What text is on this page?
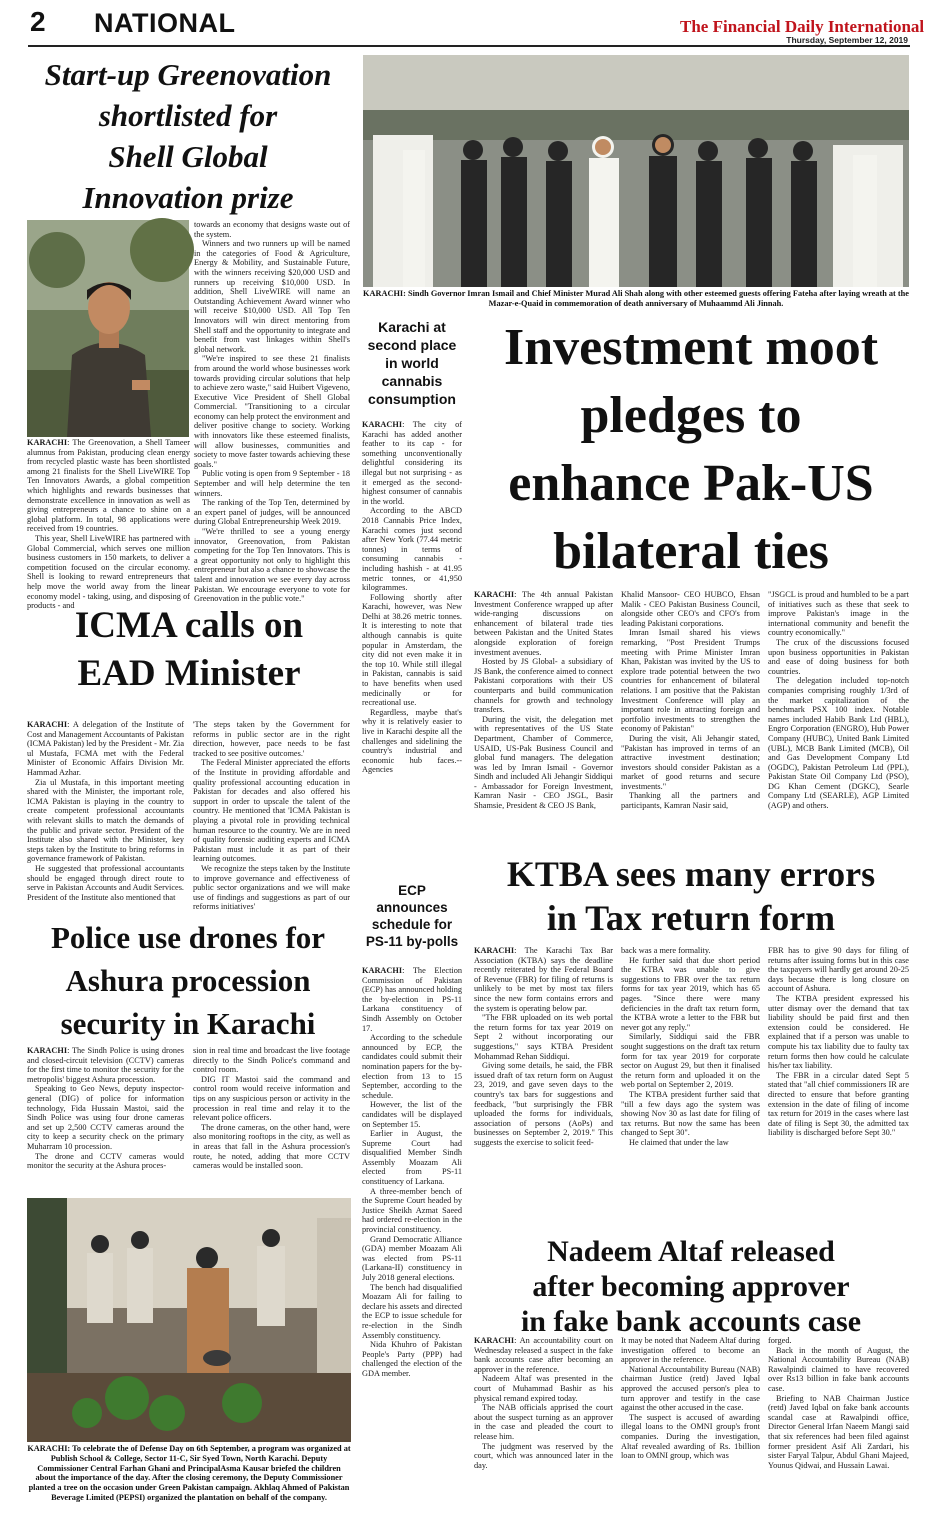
2 NATIONAL	The Financial Daily International
Thursday, September 12, 2019
Start-up Greenovation
shortlisted for
Shell Global
Innovation prize

KARACHI: The Greenovation, a Shell Tameer alumnus from Pakistan, producing clean energy from recycled plastic waste has been shortlisted among 21 finalists for the Shell LiveWIRE Top Ten Innovators Awards, a global competition which highlights and rewards businesses that demonstrate excellence in innovation as well as giving entrepreneurs a chance to shine on a global platform. In total, 98 applications were received from 19 countries.

This year, Shell LiveWIRE has partnered with Global Commercial, which serves one million business customers in 150 markets, to deliver a competition focused on the circular economy. Shell is looking to reward entrepreneurs that help move the world away from the linear economy model - taking, using, and disposing of products - and

towards an economy that designs waste out of the system.

Winners and two runners up will be named in the categories of Food & Agriculture, Energy & Mobility, and Sustainable Future, with the winners receiving $20,000 USD and runners up receiving $10,000 USD. In addition, Shell LiveWIRE will name an Outstanding Achievement Award winner who will receive $10,000 USD. All Top Ten Innovators will win direct mentoring from Shell staff and the opportunity to integrate and benefit from vast linkages within Shell's global network.

"We're inspired to see these 21 finalists from around the world whose businesses work towards providing circular solutions that help to achieve zero waste," said Huibert Vigeveno, Executive Vice President of Shell Global Commercial. "Transitioning to a circular economy can help protect the environment and deliver positive change to society. Working with innovators like these esteemed finalists, will allow businesses, communities and society to move faster towards achieving these goals."

Public voting is open from 9 September - 18 September and will help determine the ten winners.

The ranking of the Top Ten, determined by an expert panel of judges, will be announced during Global Entrepreneurship Week 2019.

"We're thrilled to see a young energy innovator, Greenovation, from Pakistan competing for the Top Ten Innovators. This is a great opportunity not only to highlight this entrepreneur but also a chance to showcase the talent and innovation we see every day across Pakistan. We encourage everyone to vote for Greenovation in the public vote."

KARACHI: Sindh Governor Imran Ismail and Chief Minister Murad Ali Shah along with other esteemed guests offering Fateha after laying wreath at the Mazar-e-Quaid in commemoration of death anniversary of Muhaammd Ali Jinnah.
Karachi at
second place
in world
cannabis
consumption

KARACHI: The city of Karachi has added another feather to its cap - for something unconventionally delightful considering its illegal but not surprising - as it emerged as the second-highest consumer of cannabis in the world.

According to the ABCD 2018 Cannabis Price Index, Karachi comes just second after New York (77.44 metric tonnes) in terms of consuming cannabis - including hashish - at 41.95 metric tonnes, or 41,950 kilogrammes.

Following shortly after Karachi, however, was New Delhi at 38.26 metric tonnes. It is interesting to note that although cannabis is quite popular in Amsterdam, the city did not even make it in the top 10. While still illegal in Pakistan, cannabis is said to have benefits when used medicinally or for recreational use.

Regardless, maybe that's why it is relatively easier to live in Karachi despite all the challenges and sidelining the country's industrial and economic hub faces.-- Agencies

Investment moot
pledges to
enhance Pak-US
bilateral ties

KARACHI: The 4th annual Pakistan Investment Conference wrapped up after wide-ranging discussions on enhancement of bilateral trade ties between Pakistan and the United States alongside exploration of foreign investment avenues.

Hosted by JS Global- a subsidiary of JS Bank, the conference aimed to connect Pakistani corporations with their US counterparts and build communication channels for growth and technology transfers.

During the visit, the delegation met with representatives of the US State Department, Chamber of Commerce, USAID, US-Pak Business Council and global fund managers. The delegation was led by Imran Ismail - Governor Sindh and included Ali Jehangir Siddiqui - Ambassador for Foreign Investment, Kamran Nasir - CEO JSGL, Basir Shamsie, President & CEO JS Bank,

Khalid Mansoor- CEO HUBCO, Ehsan Malik - CEO Pakistan Business Council, alongside other CEO's and CFO's from leading Pakistani corporations.

Imran Ismail shared his views remarking, "Post President Trumps meeting with Prime Minister Imran Khan, Pakistan was invited by the US to explore trade potential between the two countries for enhancement of bilateral relations. I am positive that the Pakistan Investment Conference will play an important role in attracting foreign and portfolio investments to strengthen the economy of Pakistan"

During the visit, Ali Jehangir stated, "Pakistan has improved in terms of an attractive investment destination; investors should consider Pakistan as a market of good returns and secure investments."

Thanking all the partners and participants, Kamran Nasir said,

"JSGCL is proud and humbled to be a part of initiatives such as these that seek to improve Pakistan's image in the international community and benefit the country economically."

The crux of the discussions focused upon business opportunities in Pakistan and ease of doing business for both countries.

The delegation included top-notch companies comprising roughly 1/3rd of the market capitalization of the benchmark PSX 100 index. Notable names included Habib Bank Ltd (HBL), Engro Corporation (ENGRO), Hub Power Company (HUBC), United Bank Limited (UBL), MCB Bank Limited (MCB), Oil and Gas Development Company Ltd (OGDC), Pakistan Petroleum Ltd (PPL), Pakistan State Oil Company Ltd (PSO), DG Khan Cement (DGKC), Searle Company Ltd (SEARLE), AGP Limited (AGP) and others.

ICMA calls on
EAD Minister

KARACHI: A delegation of the Institute of Cost and Management Accountants of Pakistan (ICMA Pakistan) led by the President - Mr. Zia ul Mustafa, FCMA met with the Federal Minister of Economic Affairs Division Mr. Hammad Azhar.

Zia ul Mustafa, in this important meeting shared with the Minister, the important role, ICMA Pakistan is playing in the country to create competent professional accountants with relevant skills to match the demands of the public and private sector. President of the Institute also shared with the Minister, key steps taken by the Institute to bring reforms in governance framework of Pakistan.

He suggested that professional accountants should be engaged through direct route to serve in Pakistan Accounts and Audit Services. President of the Institute also mentioned that

'The steps taken by the Government for reforms in public sector are in the right direction, however, pace needs to be fast tracked to see positive outcomes.'

The Federal Minister appreciated the efforts of the Institute in providing affordable and quality professional accounting education in Pakistan for decades and also offered his support in order to upscale the talent of the country. He mentioned that 'ICMA Pakistan is playing a pivotal role in providing technical human resource to the country. We are in need of quality forensic auditing experts and ICMA Pakistan must include it as part of their learning outcomes.

We recognize the steps taken by the Institute to improve governance and effectiveness of public sector organizations and we will make use of findings and suggestions as part of our reforms initiatives'

ECP
announces
schedule for
PS-11 by-polls

KARACHI: The Election Commission of Pakistan (ECP) has announced holding the by-election in PS-11 Larkana constituency of Sindh Assembly on October 17.

According to the schedule announced by ECP, the candidates could submit their nomination papers for the by-election from 13 to 15 September, according to the schedule.

However, the list of the candidates will be displayed on September 15.

Earlier in August, the Supreme Court had disqualified Member Sindh Assembly Moazam Ali elected from PS-11 constituency of Larkana.

A three-member bench of the Supreme Court headed by Justice Sheikh Azmat Saeed had ordered re-election in the provincial constituency.

Grand Democratic Alliance (GDA) member Moazam Ali was elected from PS-11 (Larkana-II) constituency in July 2018 general elections.

The bench had disqualified Moazam Ali for failing to declare his assets and directed the ECP to issue schedule for re-election in the Sindh Assembly constituency.

Nida Khuhro of Pakistan People's Party (PPP) had challenged the election of the GDA member.

KTBA sees many errors
in Tax return form

KARACHI: The Karachi Tax Bar Association (KTBA) says the deadline recently reiterated by the Federal Board of Revenue (FBR) for filing of returns is unlikely to be met by most tax filers since the new form contains errors and the system is operating below par.

"The FBR uploaded on its web portal the return forms for tax year 2019 on Sept 2 without incorporating our suggestions," says KTBA President Mohammad Rehan Siddiqui.

Giving some details, he said, the FBR issued draft of tax return form on August 23, 2019, and gave seven days to the country's tax bars for suggestions and feedback, "but surprisingly the FBR uploaded the forms for individuals, association of persons (AoPs) and businesses on September 2, 2019." This suggests the exercise to solicit feed-

back was a mere formality.

He further said that due short period the KTBA was unable to give suggestions to FBR over the tax return forms for tax year 2019, which has 65 pages. "Since there were many deficiencies in the draft tax return form, the KTBA wrote a letter to the FBR but never got any reply."

Similarly, Siddiqui said the FBR sought suggestions on the draft tax return form for tax year 2019 for corporate sector on August 29, but then it finalised the return form and uploaded it on the web portal on September 2, 2019.

The KTBA president further said that "till a few days ago the system was showing Nov 30 as last date for filing of tax returns. But now the same has been changed to Sept 30".

He claimed that under the law

FBR has to give 90 days for filing of returns after issuing forms but in this case the taxpayers will hardly get around 20-25 days because there is long closure on account of Ashura.

The KTBA president expressed his utter dismay over the demand that tax liability should be paid first and then extension could be considered. He explained that if a person was unable to compute his tax liability due to faulty tax return forms then how could he calculate his/her tax liability.

The FBR in a circular dated Sept 5 stated that "all chief commissioners IR are directed to ensure that before granting extension in the date of filing of income tax return for 2019 in the cases where last date of filing is Sept 30, the admitted tax liability is discharged before Sept 30."

Police use drones for
Ashura procession
security in Karachi

KARACHI: The Sindh Police is using drones and closed-circuit television (CCTV) cameras for the first time to monitor the security for the metropolis' biggest Ashura procession.

Speaking to Geo News, deputy inspector-general (DIG) of police for information technology, Fida Hussain Mastoi, said the Sindh Police was using four drone cameras and set up 2,500 CCTV cameras around the city to keep a security check on the primary Muharram 10 procession.

The drone and CCTV cameras would monitor the security at the Ashura proces-

sion in real time and broadcast the live footage directly to the Sindh Police's command and control room.

DIG IT Mastoi said the command and control room would receive information and tips on any suspicious person or activity in the procession in real time and relay it to the relevant police officers.

The drone cameras, on the other hand, were also monitoring rooftops in the city, as well as in areas that fall in the Ashura procession's route, he noted, adding that more CCTV cameras would be installed soon.

KARACHI: To celebrate the of Defense Day on 6th September, a program was organized at Publish School & College, Sector 11-C, Sir Syed Town, North Karachi. Deputy Commissioner Central Farhan Ghani and PrincipalAsma Kausar briefed the children about the importance of the day. After the closing ceremony, the Deputy Commissioner planted a tree on the occasion under Green Pakistan campaign. Akhlaq Ahmed of Pakistan Beverage Limited (PEPSI) organized the plantation on behalf of the company.
Nadeem Altaf released
after becoming approver
in fake bank accounts case

KARACHI: An accountability court on Wednesday released a suspect in the fake bank accounts case after becoming an approver in the reference.

Nadeem Altaf was presented in the court of Muhammad Bashir as his physical remand expired today.

The NAB officials apprised the court about the suspect turning as an approver in the case and pleaded the court to release him.

The judgment was reserved by the court, which was announced later in the day.

It may be noted that Nadeem Altaf during investigation offered to become an approver in the reference.

National Accountability Bureau (NAB) chairman Justice (retd) Javed Iqbal approved the accused person's plea to turn approver and testify in the case against the other accused in the case.

The suspect is accused of awarding illegal loans to the OMNI group's front companies. During the investigation, Altaf revealed awarding of Rs. 1billion loan to OMNI group, which was

forged.

Back in the month of August, the National Accountability Bureau (NAB) Rawalpindi claimed to have recovered over Rs13 billion in fake bank accounts case.

Briefing to NAB Chairman Justice (retd) Javed Iqbal on fake bank accounts scandal case at Rawalpindi office, Director General Irfan Naeem Mangi said that six references had been filed against former president Asif Ali Zardari, his sister Faryal Talpur, Abdul Ghani Majeed, Younus Qidwai, and Hussain Lawai.
